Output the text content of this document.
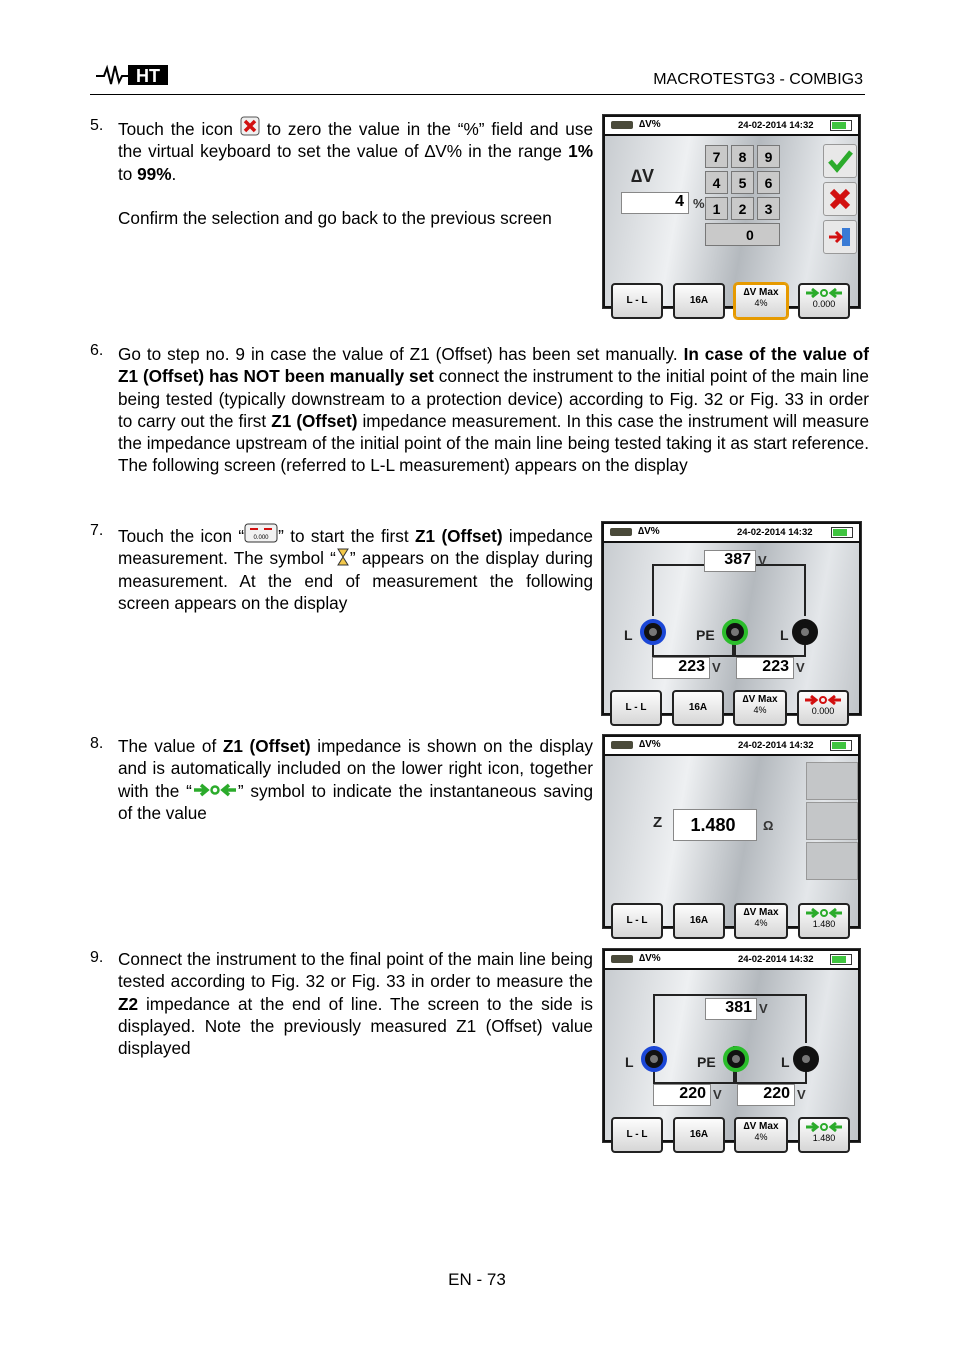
HT	MACROTESTG3 - COMBIG3
5. Touch the icon  to zero the value in the “%” field and use the virtual keyboard to set the value of ∆V% in the range 1% to 99%.
Confirm the selection and go back to the previous screen
∆V%	24-02-2014 14:32
∆V
4 %
7	8	9
4	5	6
1	2	3
0
L - L	16A
∆V Max
4%	0.000
6. Go to step no. 9 in case the value of Z1 (Offset) has been set manually. In case of the value of Z1 (Offset) has NOT been manually set connect the instrument to the initial point of the main line being tested (typically downstream to a protection device) according to Fig. 32 or Fig. 33 in order to carry out the first Z1 (Offset) impedance measurement. In this case the instrument will measure the impedance upstream of the initial point of the main line being tested taking it as start reference. The following screen (referred to L-L measurement) appears on the display
7. Touch the icon “ 0.000 ” to start the first Z1 (Offset) impedance measurement. The symbol “ ” appears on the display during measurement. At the end of measurement the following screen appears on the display
∆V%	24-02-2014 14:32
387 V
L	PE	L
223 V	223 V
L - L	16A
∆V Max
4%	0.000
8. The value of Z1 (Offset) impedance is shown on the display and is automatically included on the lower right icon, together with the “	” symbol to indicate the instantaneous saving of the value
∆V%	24-02-2014 14:32
Z	1.480	Ω
L - L	16A
∆V Max
4%	1.480
9. Connect the instrument to the final point of the main line being tested according to Fig. 32 or Fig. 33 in order to measure the Z2 impedance at the end of line. The screen to the side is displayed. Note the previously measured Z1 (Offset) value displayed
∆V%	24-02-2014 14:32
381 V
L	PE	L
220 V	220 V
L - L	16A
∆V Max
4%	1.480
EN - 73
